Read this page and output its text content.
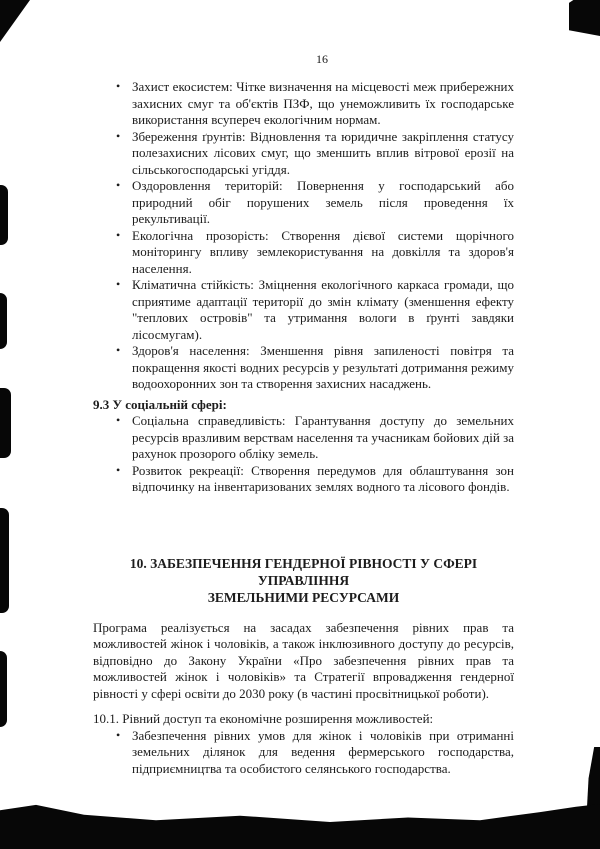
16
• Захист екосистем: Чітке визначення на місцевості меж прибережних захисних смуг та об'єктів ПЗФ, що унеможливить їх господарське використання всупереч екологічним нормам.
• Збереження ґрунтів: Відновлення та юридичне закріплення статусу полезахисних лісових смуг, що зменшить вплив вітрової ерозії на сільськогосподарські угіддя.
• Оздоровлення територій: Повернення у господарський або природний обіг порушених земель після проведення їх рекультивації.
• Екологічна прозорість: Створення дієвої системи щорічного моніторингу впливу землекористування на довкілля та здоров'я населення.
• Кліматична стійкість: Зміцнення екологічного каркаса громади, що сприятиме адаптації території до змін клімату (зменшення ефекту "теплових островів" та утримання вологи в ґрунті завдяки лісосмугам).
• Здоров'я населення: Зменшення рівня запиленості повітря та покращення якості водних ресурсів у результаті дотримання режиму водоохоронних зон та створення захисних насаджень.
9.3 У соціальній сфері:
• Соціальна справедливість: Гарантування доступу до земельних ресурсів вразливим верствам населення та учасникам бойових дій за рахунок прозорого обліку земель.
• Розвиток рекреації: Створення передумов для облаштування зон відпочинку на інвентаризованих землях водного та лісового фондів.
10. ЗАБЕЗПЕЧЕННЯ ГЕНДЕРНОЇ РІВНОСТІ У СФЕРІ УПРАВЛІННЯ
ЗЕМЕЛЬНИМИ РЕСУРСАМИ

Програма реалізується на засадах забезпечення рівних прав та можливостей жінок і чоловіків, а також інклюзивного доступу до ресурсів, відповідно до Закону України «Про забезпечення рівних прав та можливостей жінок і чоловіків» та Стратегії впровадження гендерної рівності у сфері освіти до 2030 року (в частині просвітницької роботи).

10.1. Рівний доступ та економічне розширення можливостей:

• Забезпечення рівних умов для жінок і чоловіків при отриманні земельних ділянок для ведення фермерського господарства, підприємництва та особистого селянського господарства.
